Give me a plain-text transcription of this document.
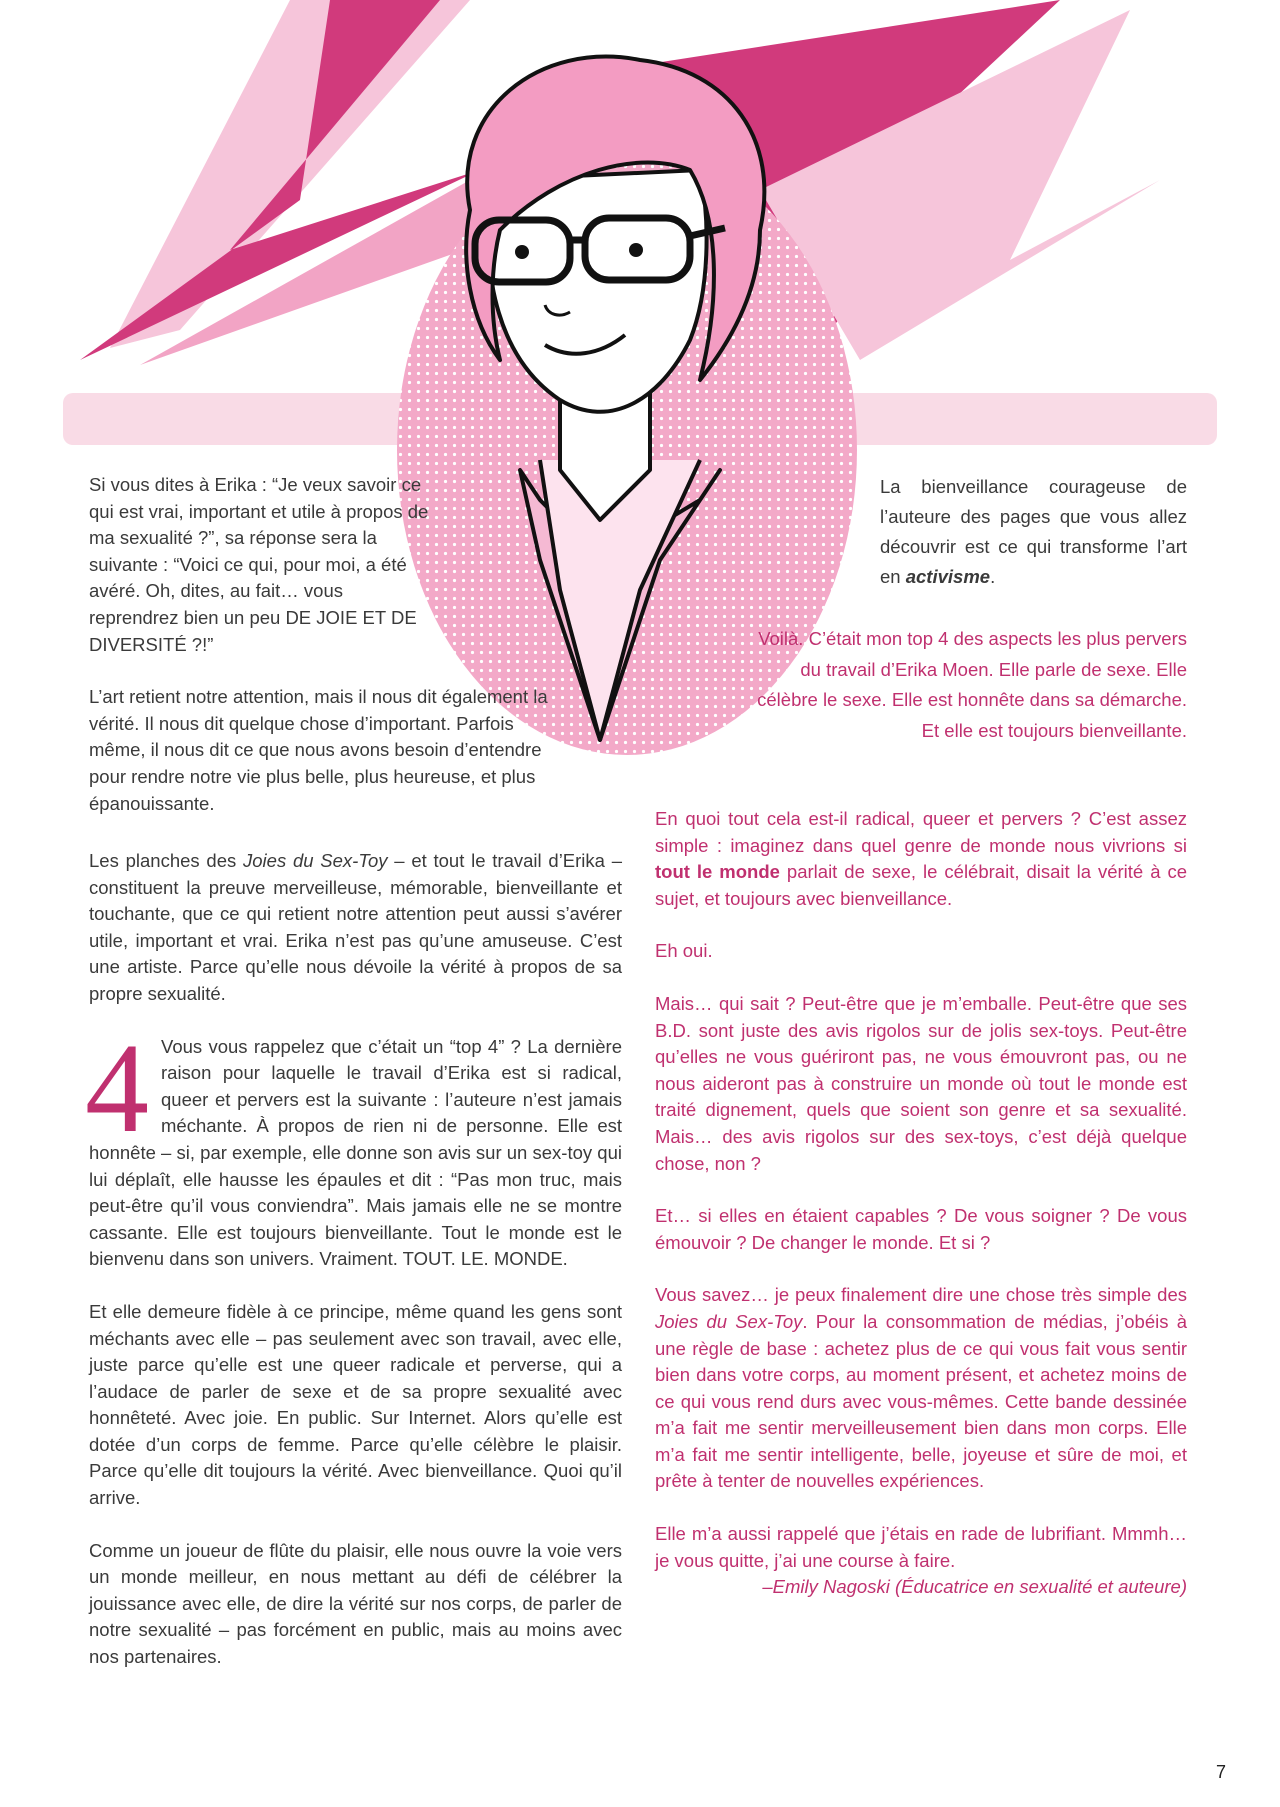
Si vous dites à Erika : “Je veux savoir ce qui est vrai, important et utile à propos de ma sexualité ?”, sa réponse sera la suivante : “Voici ce qui, pour moi, a été avéré. Oh, dites, au fait… vous reprendrez bien un peu DE JOIE ET DE DIVERSITÉ ?!”

L’art retient notre attention, mais il nous dit également la vérité. Il nous dit quelque chose d’important. Parfois même, il nous dit ce que nous avons besoin d’entendre pour rendre notre vie plus belle, plus heureuse, et plus épanouissante.

La bienveillance courageuse de l’auteure des pages que vous allez découvrir est ce qui transforme l’art en activisme.
Voilà. C’était mon top 4 des aspects les plus pervers du travail d’Erika Moen. Elle parle de sexe. Elle célèbre le sexe. Elle est honnête dans sa démarche. Et elle est toujours bienveillante.

Les planches des Joies du Sex-Toy – et tout le travail d’Erika – constituent la preuve merveilleuse, mémorable, bienveillante et touchante, que ce qui retient notre attention peut aussi s’avérer utile, important et vrai. Erika n’est pas qu’une amuseuse. C’est une artiste. Parce qu’elle nous dévoile la vérité à propos de sa propre sexualité.

4 Vous vous rappelez que c’était un “top 4” ? La dernière raison pour laquelle le travail d’Erika est si radical, queer et pervers est la suivante : l’auteure n’est jamais méchante. À propos de rien ni de personne. Elle est honnête – si, par exemple, elle donne son avis sur un sex-toy qui lui déplaît, elle hausse les épaules et dit : “Pas mon truc, mais peut-être qu’il vous conviendra”. Mais jamais elle ne se montre cassante. Elle est toujours bienveillante. Tout le monde est le bienvenu dans son univers. Vraiment. TOUT. LE. MONDE.

Et elle demeure fidèle à ce principe, même quand les gens sont méchants avec elle – pas seulement avec son travail, avec elle, juste parce qu’elle est une queer radicale et perverse, qui a l’audace de parler de sexe et de sa propre sexualité avec honnêteté. Avec joie. En public. Sur Internet. Alors qu’elle est dotée d’un corps de femme. Parce qu’elle célèbre le plaisir. Parce qu’elle dit toujours la vérité. Avec bienveillance. Quoi qu’il arrive.

Comme un joueur de flûte du plaisir, elle nous ouvre la voie vers un monde meilleur, en nous mettant au défi de célébrer la jouissance avec elle, de dire la vérité sur nos corps, de parler de notre sexualité – pas forcément en public, mais au moins avec nos partenaires.

En quoi tout cela est-il radical, queer et pervers ? C’est assez simple : imaginez dans quel genre de monde nous vivrions si tout le monde parlait de sexe, le célébrait, disait la vérité à ce sujet, et toujours avec bienveillance.

Eh oui.

Mais… qui sait ? Peut-être que je m’emballe. Peut-être que ses B.D. sont juste des avis rigolos sur de jolis sex-toys. Peut-être qu’elles ne vous guériront pas, ne vous émouvront pas, ou ne nous aideront pas à construire un monde où tout le monde est traité dignement, quels que soient son genre et sa sexualité. Mais… des avis rigolos sur des sex-toys, c’est déjà quelque chose, non ?

Et… si elles en étaient capables ? De vous soigner ? De vous émouvoir ? De changer le monde. Et si ?

Vous savez… je peux finalement dire une chose très simple des Joies du Sex-Toy. Pour la consommation de médias, j’obéis à une règle de base : achetez plus de ce qui vous fait vous sentir bien dans votre corps, au moment présent, et achetez moins de ce qui vous rend durs avec vous-mêmes. Cette bande dessinée m’a fait me sentir merveilleusement bien dans mon corps. Elle m’a fait me sentir intelligente, belle, joyeuse et sûre de moi, et prête à tenter de nouvelles expériences.

Elle m’a aussi rappelé que j’étais en rade de lubrifiant. Mmmh… je vous quitte, j’ai une course à faire.

–Emily Nagoski (Éducatrice en sexualité et auteure)

7
